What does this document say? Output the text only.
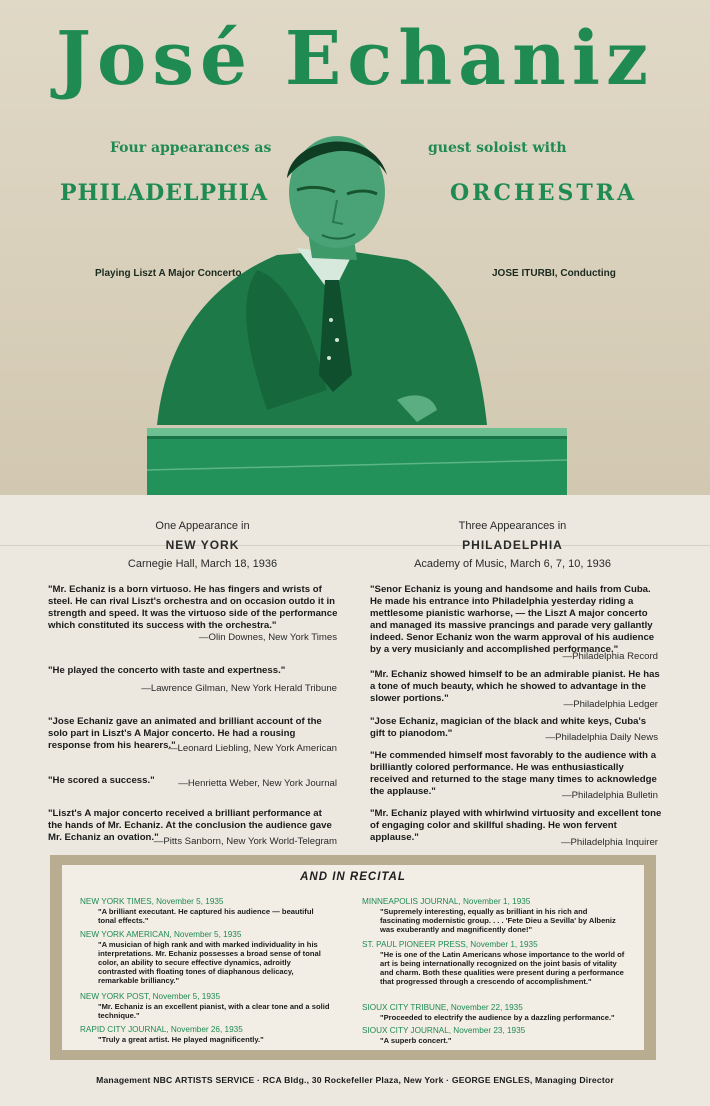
José Echaniz
Four appearances as	guest soloist with
PHILADELPHIA	ORCHESTRA
Playing Liszt A Major Concerto	JOSE ITURBI, Conducting
One Appearance in
NEW YORK
Carnegie Hall, March 18, 1936
Three Appearances in
PHILADELPHIA
Academy of Music, March 6, 7, 10, 1936
"Mr. Echaniz is a born virtuoso. He has fingers and wrists of steel. He can rival Liszt's orchestra and on occasion outdo it in strength and speed. It was the virtuoso side of the performance which constituted its success with the orchestra."
—Olin Downes, New York Times
"He played the concerto with taste and expertness."
—Lawrence Gilman, New York Herald Tribune
"Jose Echaniz gave an animated and brilliant account of the solo part in Liszt's A Major concerto. He had a rousing response from his hearers."
—Leonard Liebling, New York American
"He scored a success."	—Henrietta Weber, New York Journal
"Liszt's A major concerto received a brilliant performance at the hands of Mr. Echaniz. At the conclusion the audience gave Mr. Echaniz an ovation."
—Pitts Sanborn, New York World-Telegram
"Senor Echaniz is young and handsome and hails from Cuba. He made his entrance into Philadelphia yesterday riding a mettlesome pianistic warhorse, — the Liszt A major concerto and managed its massive prancings and parade very gallantly indeed. Senor Echaniz won the warm approval of his audience by a very musicianly and accomplished performance."
—Philadelphia Record
"Mr. Echaniz showed himself to be an admirable pianist. He has a tone of much beauty, which he showed to advantage in the slower portions."
—Philadelphia Ledger
"Jose Echaniz, magician of the black and white keys, Cuba's gift to pianodom."	—Philadelphia Daily News
"He commended himself most favorably to the audience with a brilliantly colored performance. He was enthusiastically received and returned to the stage many times to acknowledge the applause."	—Philadelphia Bulletin
"Mr. Echaniz played with whirlwind virtuosity and excellent tone of engaging color and skillful shading. He won fervent applause."	—Philadelphia Inquirer
AND IN RECITAL
NEW YORK TIMES, November 5, 1935
"A brilliant executant. He captured his audience — beautiful tonal effects."
NEW YORK AMERICAN, November 5, 1935
"A musician of high rank and with marked individuality in his interpretations. Mr. Echaniz possesses a broad sense of tonal color, an ability to secure effective dynamics, adroitly contrasted with floating tones of diaphanous delicacy, remarkable brilliancy."
NEW YORK POST, November 5, 1935
"Mr. Echaniz is an excellent pianist, with a clear tone and a solid technique."
RAPID CITY JOURNAL, November 26, 1935
"Truly a great artist. He played magnificently."
MINNEAPOLIS JOURNAL, November 1, 1935
"Supremely interesting, equally as brilliant in his rich and fascinating modernistic group. . . . 'Fete Dieu a Sevilla' by Albeniz was exuberantly and magnificently done!"
ST. PAUL PIONEER PRESS, November 1, 1935
"He is one of the Latin Americans whose importance to the world of art is being internationally recognized on the joint basis of vitality and charm. Both these qualities were present during a performance that progressed through a crescendo of accomplishment."
SIOUX CITY TRIBUNE, November 22, 1935
"Proceeded to electrify the audience by a dazzling performance."
SIOUX CITY JOURNAL, November 23, 1935
"A superb concert."
Management NBC ARTISTS SERVICE · RCA Bldg., 30 Rockefeller Plaza, New York · GEORGE ENGLES, Managing Director
